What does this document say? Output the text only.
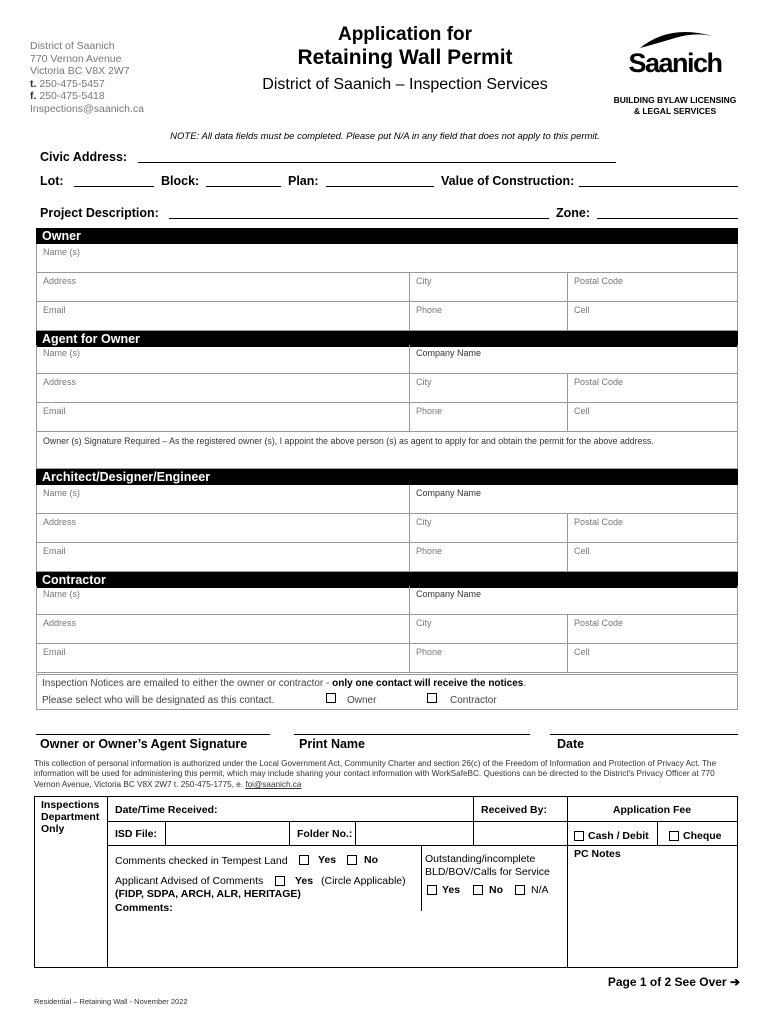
District of Saanich
770 Vernon Avenue
Victoria BC V8X 2W7
t. 250-475-5457
f. 250-475-5418
Inspections@saanich.ca
Application for
Retaining Wall Permit
District of Saanich – Inspection Services
Saanich
BUILDING BYLAW LICENSING
& LEGAL SERVICES
NOTE: All data fields must be completed. Please put N/A in any field that does not apply to this permit.
Civic Address:
Lot:	Block:	Plan:	Value of Construction:
Project Description:	Zone:
Owner
Name (s)
Address	City	Postal Code
Email	Phone	Cell
Agent for Owner
Name (s)	Company Name
Address	City	Postal Code
Email	Phone	Cell
Owner (s) Signature Required – As the registered owner (s), I appoint the above person (s) as agent to apply for and obtain the permit for the above address.
Architect/Designer/Engineer
Name (s)	Company Name
Address	City	Postal Code
Email	Phone	Cell
Contractor
Name (s)	Company Name
Address	City	Postal Code
Email	Phone	Cell
Inspection Notices are emailed to either the owner or contractor - only one contact will receive the notices.
Please select who will be designated as this contact.	Owner	Contractor
Owner or Owner’s Agent Signature	Print Name	Date
This collection of personal information is authorized under the Local Government Act, Community Charter and section 26(c) of the Freedom of Information and Protection of Privacy Act. The information will be used for administering this permit, which may include sharing your contact information with WorkSafeBC. Questions can be directed to the District's Privacy Officer at 770 Vernon Avenue, Victoria BC V8X 2W7 t. 250-475-1775, e. foi@saanich.ca
Inspections
Department
Only
Date/Time Received:	Received By:	Application Fee
ISD File:	Folder No.:	Cash / Debit	Cheque
Comments checked in Tempest Land	Yes	No	Outstanding/incomplete
BLD/BOV/Calls for Service
Yes	No	N/A
PC Notes
Applicant Advised of Comments	Yes (Circle Applicable)
(FIDP, SDPA, ARCH, ALR, HERITAGE)
Comments:
Residential – Retaining Wall - November 2022
Page 1 of 2 See Over ➔
